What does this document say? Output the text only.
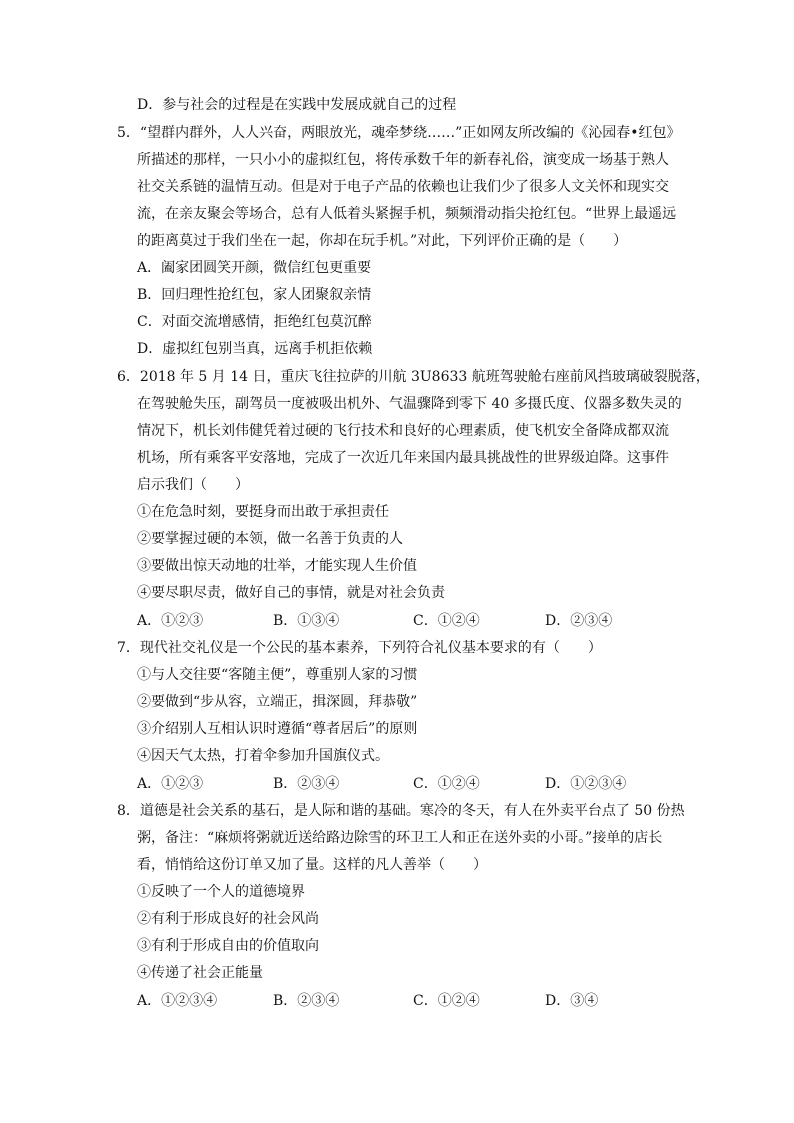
D．参与社会的过程是在实践中发展成就自己的过程
5．“望群内群外，人人兴奋，两眼放光，魂牵梦绕……”正如网友所改编的《沁园春•红包》
所描述的那样，一只小小的虚拟红包，将传承数千年的新春礼俗，演变成一场基于熟人
社交关系链的温情互动。但是对于电子产品的依赖也让我们少了很多人文关怀和现实交
流，在亲友聚会等场合，总有人低着头紧握手机，频频滑动指尖抢红包。“世界上最遥远
的距离莫过于我们坐在一起，你却在玩手机。”对此，下列评价正确的是（　　）
A．阖家团圆笑开颜，微信红包更重要
B．回归理性抢红包，家人团聚叙亲情
C．对面交流增感情，拒绝红包莫沉醉
D．虚拟红包别当真，远离手机拒依赖
6．2018 年 5 月 14 日，重庆飞往拉萨的川航 3U8633 航班驾驶舱右座前风挡玻璃破裂脱落，
在驾驶舱失压，副驾员一度被吸出机外、气温骤降到零下 40 多摄氏度、仪器多数失灵的
情况下，机长刘伟健凭着过硬的飞行技术和良好的心理素质，使飞机安全备降成都双流
机场，所有乘客平安落地，完成了一次近几年来国内最具挑战性的世界级迫降。这事件
启示我们（　　）
①在危急时刻，要挺身而出敢于承担责任
②要掌握过硬的本领，做一名善于负责的人
③要做出惊天动地的壮举，才能实现人生价值
④要尽职尽责，做好自己的事情，就是对社会负责
A．①②③	B．①③④	C．①②④	D．②③④
7．现代社交礼仪是一个公民的基本素养，下列符合礼仪基本要求的有（　　）
①与人交往要“客随主便”，尊重别人家的习惯
②要做到“步从容，立端正，揖深圆，拜恭敬”
③介绍别人互相认识时遵循“尊者居后”的原则
④因天气太热，打着伞参加升国旗仪式。
A．①②③	B．②③④	C．①②④	D．①②③④
8．道德是社会关系的基石，是人际和谐的基础。寒冷的冬天，有人在外卖平台点了 50 份热
粥，备注：“麻烦将粥就近送给路边除雪的环卫工人和正在送外卖的小哥。”接单的店长
看，悄悄给这份订单又加了量。这样的凡人善举（　　）
①反映了一个人的道德境界
②有利于形成良好的社会风尚
③有利于形成自由的价值取向
④传递了社会正能量
A．①②③④	B．②③④	C．①②④	D．③④
